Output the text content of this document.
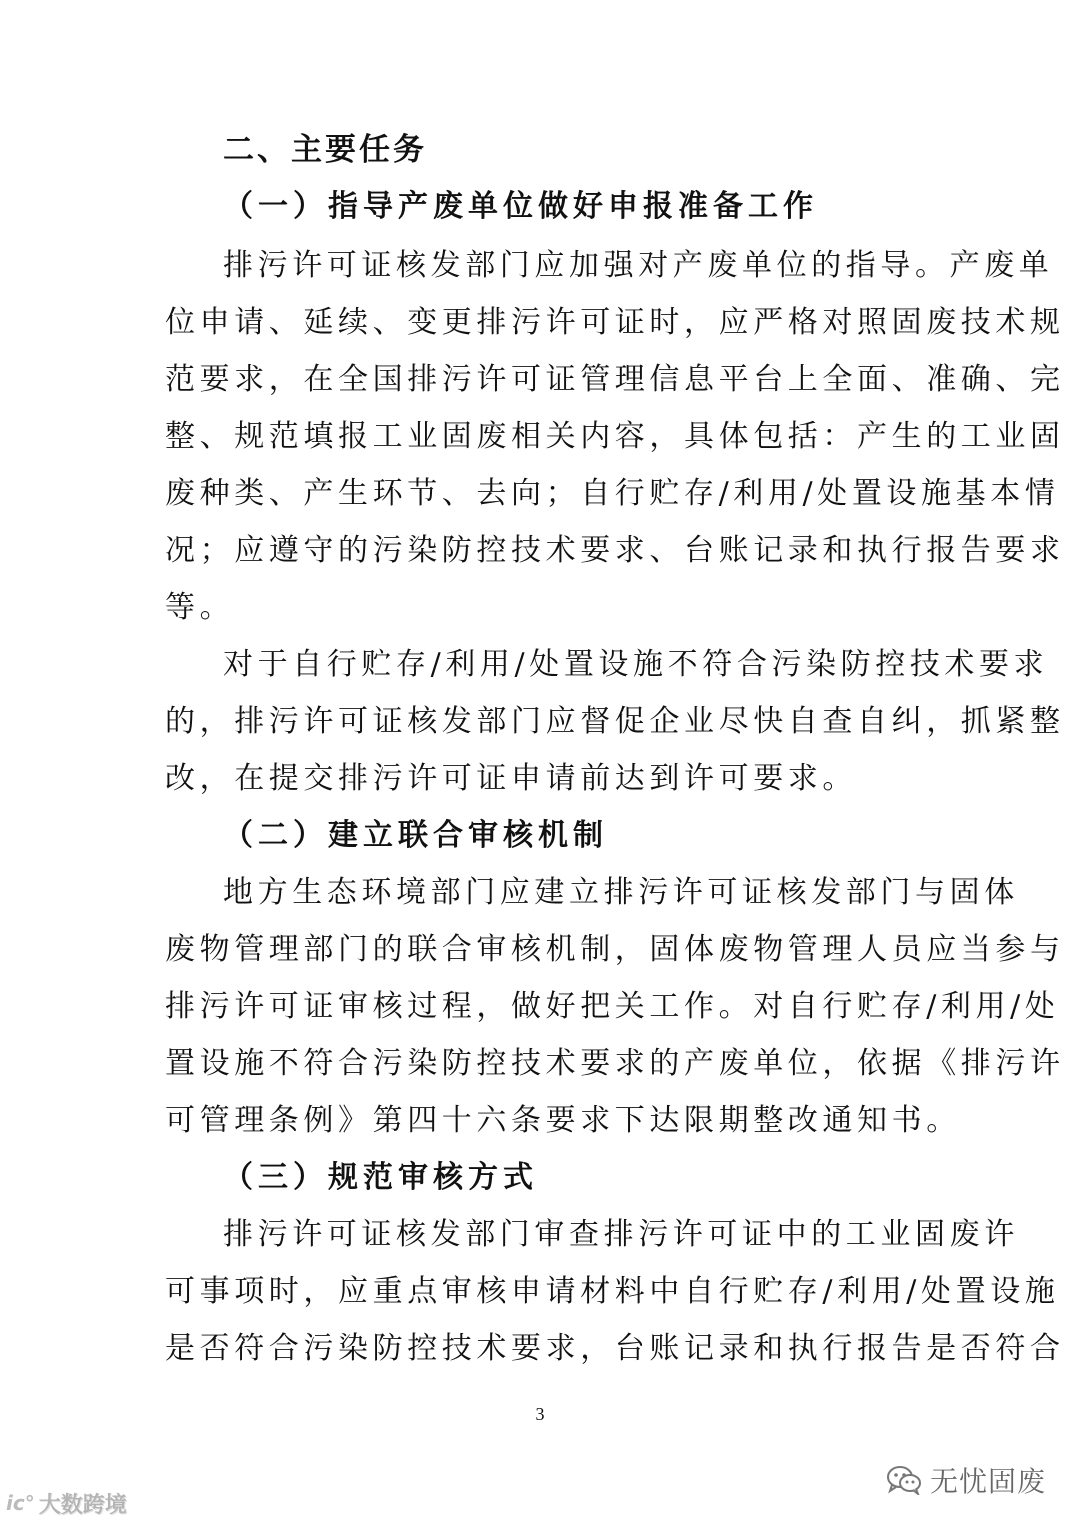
二、主要任务
（一）指导产废单位做好申报准备工作
排污许可证核发部门应加强对产废单位的指导。产废单
位申请、延续、变更排污许可证时，应严格对照固废技术规
范要求，在全国排污许可证管理信息平台上全面、准确、完
整、规范填报工业固废相关内容，具体包括：产生的工业固
废种类、产生环节、去向；自行贮存/利用/处置设施基本情
况；应遵守的污染防控技术要求、台账记录和执行报告要求
等。
对于自行贮存/利用/处置设施不符合污染防控技术要求
的，排污许可证核发部门应督促企业尽快自查自纠，抓紧整
改，在提交排污许可证申请前达到许可要求。
（二）建立联合审核机制
地方生态环境部门应建立排污许可证核发部门与固体
废物管理部门的联合审核机制，固体废物管理人员应当参与
排污许可证审核过程，做好把关工作。对自行贮存/利用/处
置设施不符合污染防控技术要求的产废单位，依据《排污许
可管理条例》第四十六条要求下达限期整改通知书。
（三）规范审核方式
排污许可证核发部门审查排污许可证中的工业固废许
可事项时，应重点审核申请材料中自行贮存/利用/处置设施
是否符合污染防控技术要求，台账记录和执行报告是否符合
3
ic° 大数跨境
无忧固废
